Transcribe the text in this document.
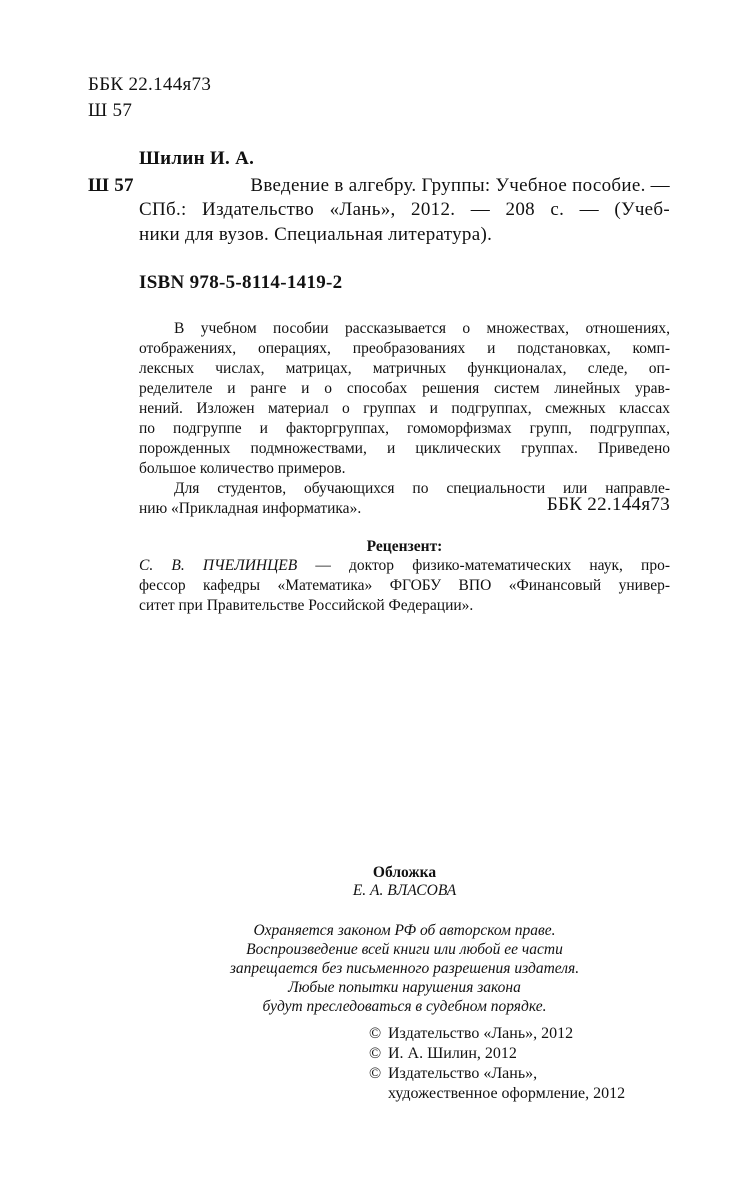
ББК 22.144я73
Ш 57
Шилин И. А.
Ш 57	Введение в алгебру. Группы: Учебное пособие. —
СПб.: Издательство «Лань», 2012. — 208 с. — (Учеб-
ники для вузов. Специальная литература).
ISBN 978-5-8114-1419-2
В учебном пособии рассказывается о множествах, отношениях,
отображениях, операциях, преобразованиях и подстановках, комп-
лексных числах, матрицах, матричных функционалах, следе, оп-
ределителе и ранге и о способах решения систем линейных урав-
нений. Изложен материал о группах и подгруппах, смежных классах
по подгруппе и факторгруппах, гомоморфизмах групп, подгруппах,
порожденных подмножествами, и циклических группах. Приведено
большое количество примеров.
Для студентов, обучающихся по специальности или направле-
нию «Прикладная информатика».	ББК 22.144я73
Рецензент:
С. В. ПЧЕЛИНЦЕВ — доктор физико-математических наук, про-
фессор кафедры «Математика» ФГОБУ ВПО «Финансовый универ-
ситет при Правительстве Российской Федерации».
Обложка
Е. А. ВЛАСОВА
Охраняется законом РФ об авторском праве.
Воспроизведение всей книги или любой ее части
запрещается без письменного разрешения издателя.
Любые попытки нарушения закона
будут преследоваться в судебном порядке.
© Издательство «Лань», 2012
© И. А. Шилин, 2012
© Издательство «Лань»,
художественное оформление, 2012
